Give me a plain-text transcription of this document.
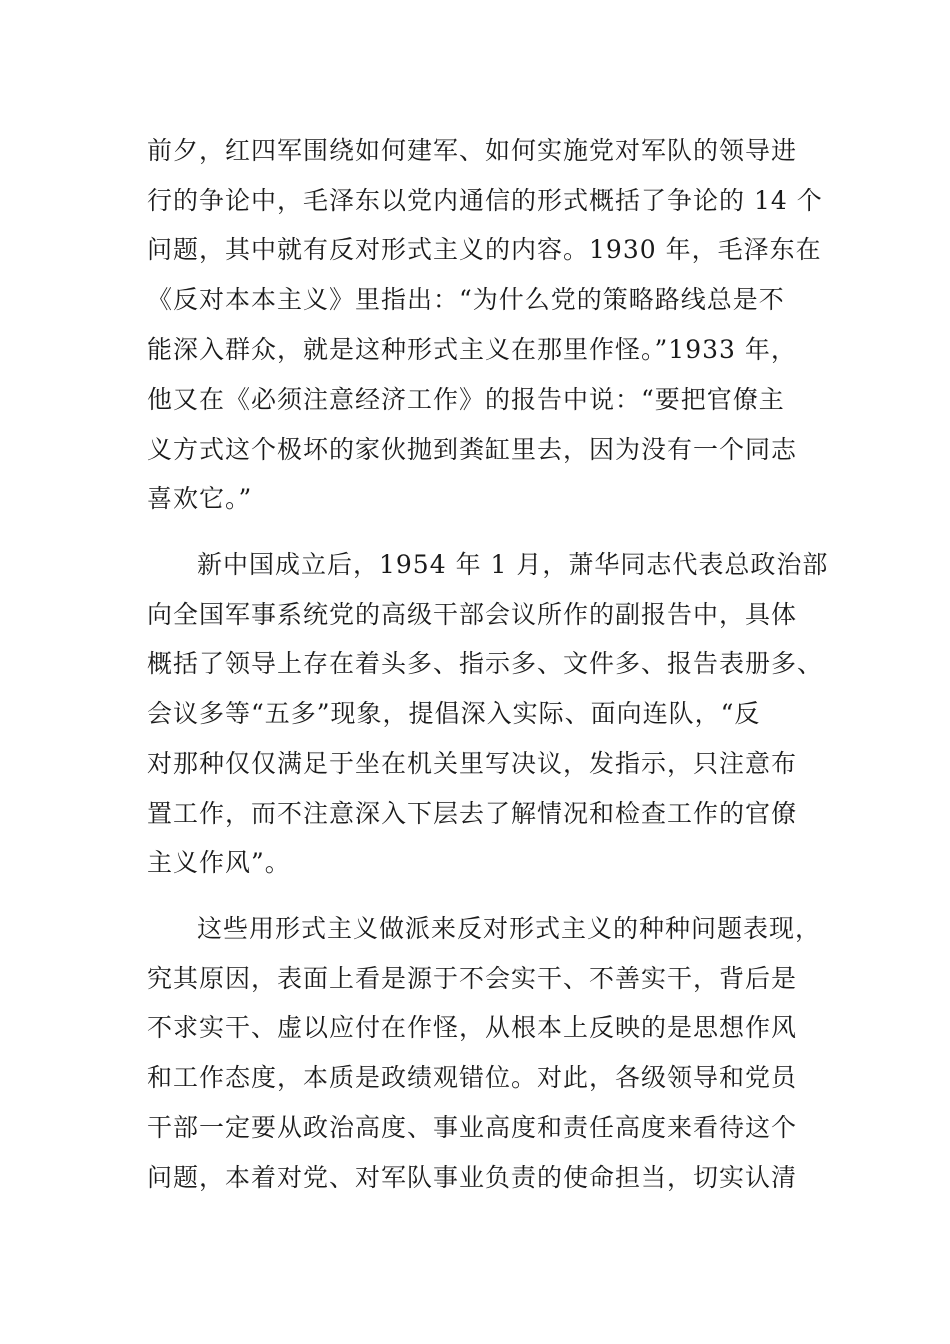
前夕，红四军围绕如何建军、如何实施党对军队的领导进
行的争论中，毛泽东以党内通信的形式概括了争论的 14 个
问题，其中就有反对形式主义的内容。1930 年，毛泽东在
《反对本本主义》里指出：“为什么党的策略路线总是不
能深入群众，就是这种形式主义在那里作怪。”1933 年，
他又在《必须注意经济工作》的报告中说：“要把官僚主
义方式这个极坏的家伙抛到粪缸里去，因为没有一个同志
喜欢它。”
新中国成立后，1954 年 1 月，萧华同志代表总政治部
向全国军事系统党的高级干部会议所作的副报告中，具体
概括了领导上存在着头多、指示多、文件多、报告表册多、
会议多等“五多”现象，提倡深入实际、面向连队，“反
对那种仅仅满足于坐在机关里写决议，发指示，只注意布
置工作，而不注意深入下层去了解情况和检查工作的官僚
主义作风”。
这些用形式主义做派来反对形式主义的种种问题表现，
究其原因，表面上看是源于不会实干、不善实干，背后是
不求实干、虚以应付在作怪，从根本上反映的是思想作风
和工作态度，本质是政绩观错位。对此，各级领导和党员
干部一定要从政治高度、事业高度和责任高度来看待这个
问题，本着对党、对军队事业负责的使命担当，切实认清
